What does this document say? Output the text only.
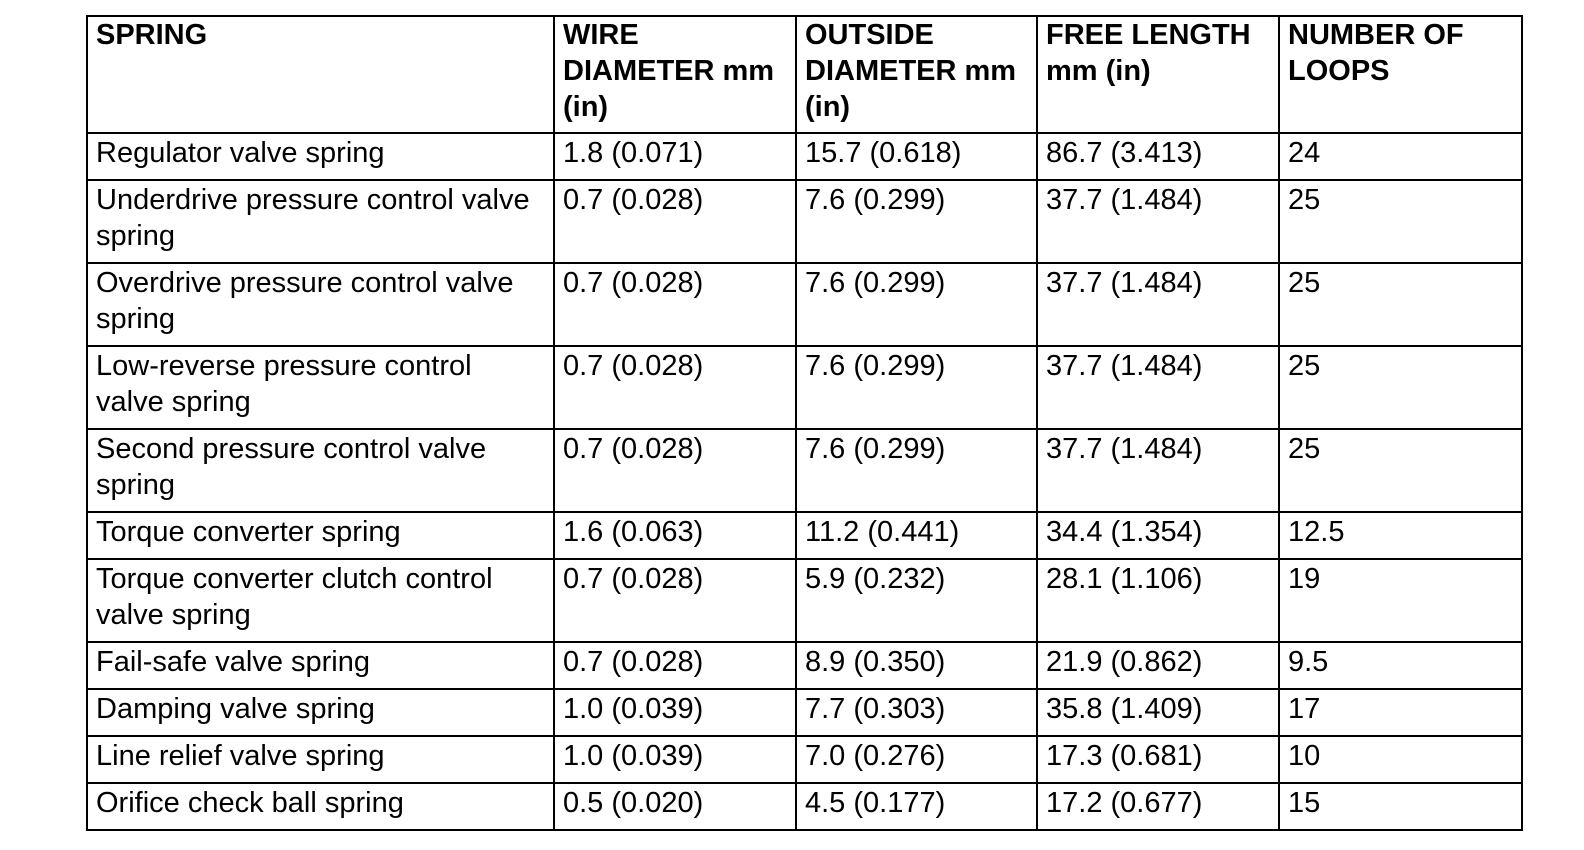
SPRING	WIRE DIAMETER mm (in)	OUTSIDE DIAMETER mm (in)	FREE LENGTH mm (in)	NUMBER OF LOOPS
Regulator valve spring	1.8 (0.071)	15.7 (0.618)	86.7 (3.413)	24
Underdrive pressure control valve spring	0.7 (0.028)	7.6 (0.299)	37.7 (1.484)	25
Overdrive pressure control valve spring	0.7 (0.028)	7.6 (0.299)	37.7 (1.484)	25
Low-reverse pressure control valve spring	0.7 (0.028)	7.6 (0.299)	37.7 (1.484)	25
Second pressure control valve spring	0.7 (0.028)	7.6 (0.299)	37.7 (1.484)	25
Torque converter spring	1.6 (0.063)	11.2 (0.441)	34.4 (1.354)	12.5
Torque converter clutch control valve spring	0.7 (0.028)	5.9 (0.232)	28.1 (1.106)	19
Fail-safe valve spring	0.7 (0.028)	8.9 (0.350)	21.9 (0.862)	9.5
Damping valve spring	1.0 (0.039)	7.7 (0.303)	35.8 (1.409)	17
Line relief valve spring	1.0 (0.039)	7.0 (0.276)	17.3 (0.681)	10
Orifice check ball spring	0.5 (0.020)	4.5 (0.177)	17.2 (0.677)	15
